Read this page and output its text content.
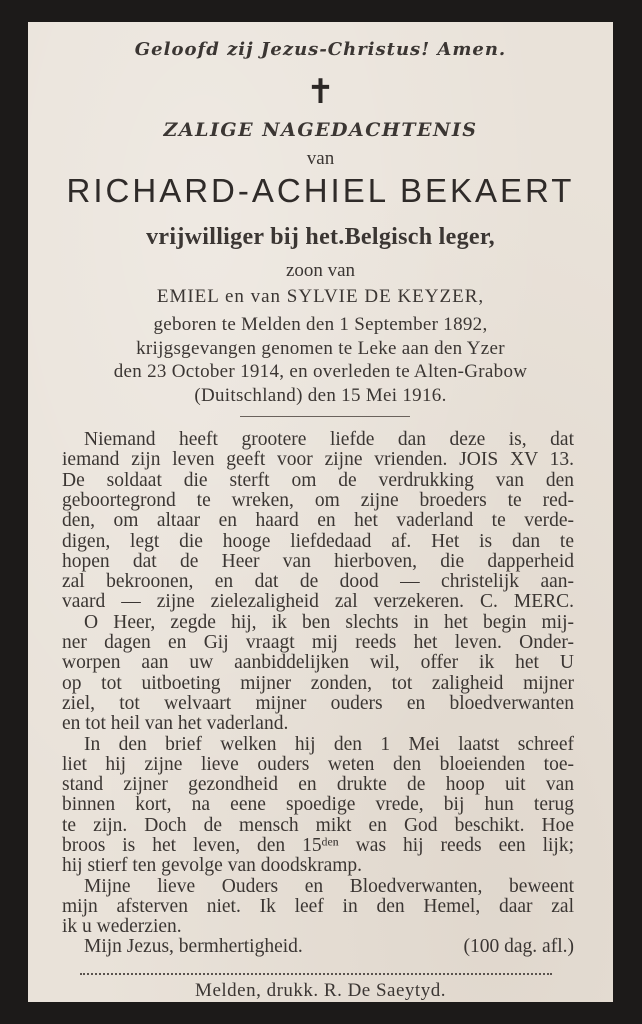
Geloofd zij Jezus-Christus! Amen.
✝
ZALIGE NAGEDACHTENIS
van
RICHARD-ACHIEL BEKAERT
vrijwilliger bij het.Belgisch leger,
zoon van
EMIEL en van SYLVIE DE KEYZER,
geboren te Melden den 1 September 1892,
krijgsgevangen genomen te Leke aan den Yzer
den 23 October 1914, en overleden te Alten-Grabow
(Duitschland) den 15 Mei 1916.
Niemand heeft grootere liefde dan deze is, dat
iemand zijn leven geeft voor zijne vrienden. JOIS XV 13.
De soldaat die sterft om de verdrukking van den
geboortegrond te wreken, om zijne broeders te red-
den, om altaar en haard en het vaderland te verde-
digen, legt die hooge liefdedaad af. Het is dan te
hopen dat de Heer van hierboven, die dapperheid
zal bekroonen, en dat de dood — christelijk aan-
vaard — zijne zielezaligheid zal verzekeren. C. MERC.
O Heer, zegde hij, ik ben slechts in het begin mij-
ner dagen en Gij vraagt mij reeds het leven. Onder-
worpen aan uw aanbiddelijken wil, offer ik het U
op tot uitboeting mijner zonden, tot zaligheid mijner
ziel, tot welvaart mijner ouders en bloedverwanten
en tot heil van het vaderland.
In den brief welken hij den 1 Mei laatst schreef
liet hij zijne lieve ouders weten den bloeienden toe-
stand zijner gezondheid en drukte de hoop uit van
binnen kort, na eene spoedige vrede, bij hun terug
te zijn. Doch de mensch mikt en God beschikt. Hoe
broos is het leven, den 15ᵈᵉⁿ was hij reeds een lijk;
hij stierf ten gevolge van doodskramp.
Mijne lieve Ouders en Bloedverwanten, beweent
mijn afsterven niet. Ik leef in den Hemel, daar zal
ik u wederzien.
Mijn Jezus, bermhertigheid.	(100 dag. afl.)
Melden, drukk. R. De Saeytyd.
